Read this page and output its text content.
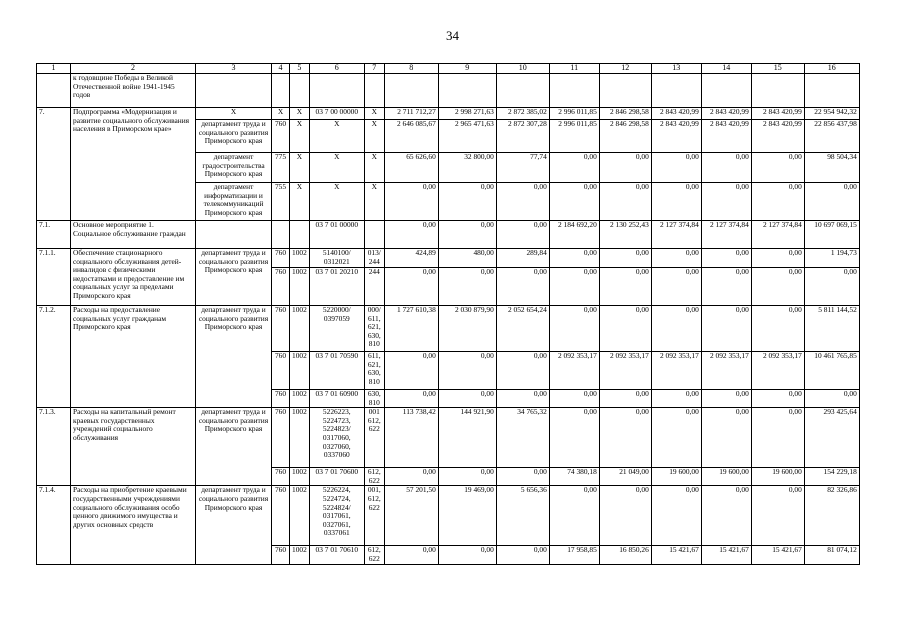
34
1	2	3	4	5	6	7	8	9	10	11	12	13	14	15	16
	к годовщине Победы в Великой Отечественной войне 1941-1945 годов														
7.	Подпрограмма «Модернизация и развитие социального обслуживания населения в Приморском крае»	X	X	X	03 7 00 00000	X	2 711 712,27	2 998 271,63	2 872 385,02	2 996 011,85	2 846 298,58	2 843 420,99	2 843 420,99	2 843 420,99	22 954 942,32
		департамент труда и социального развития Приморского края	760	X	X	X	2 646 085,67	2 965 471,63	2 872 307,28	2 996 011,85	2 846 298,58	2 843 420,99	2 843 420,99	2 843 420,99	22 856 437,98
		департамент градостроительства Приморского края	775	X	X	X	65 626,60	32 800,00	77,74	0,00	0,00	0,00	0,00	0,00	98 504,34
		департамент информатизации и телекоммуникаций Приморского края	755	X	X	X	0,00	0,00	0,00	0,00	0,00	0,00	0,00	0,00	0,00
7.1.	Основное мероприятие 1. Социальное обслуживание граждан				03 7 01 00000		0,00	0,00	0,00	2 184 692,20	2 130 252,43	2 127 374,84	2 127 374,84	2 127 374,84	10 697 069,15
7.1.1.	Обеспечение стационарного социального обслуживания детей-инвалидов с физическими недостатками и предоставление им социальных услуг за пределами Приморского края	департамент труда и социального развития Приморского края	760	1002	5140100/ 0312021	013/ 244	424,89	480,00	289,84	0,00	0,00	0,00	0,00	0,00	1 194,73
			760	1002	03 7 01 20210	244	0,00	0,00	0,00	0,00	0,00	0,00	0,00	0,00	0,00
7.1.2.	Расходы на предоставление социальных услуг гражданам Приморского края	департамент труда и социального развития Приморского края	760	1002	5220000/ 0397059	000/ 611, 621, 630, 810	1 727 610,38	2 030 879,90	2 052 654,24	0,00	0,00	0,00	0,00	0,00	5 811 144,52
			760	1002	03 7 01 70590	611, 621, 630, 810	0,00	0,00	0,00	2 092 353,17	2 092 353,17	2 092 353,17	2 092 353,17	2 092 353,17	10 461 765,85
			760	1002	03 7 01 60900	630, 810	0,00	0,00	0,00	0,00	0,00	0,00	0,00	0,00	0,00
7.1.3.	Расходы на капитальный ремонт краевых государственных учреждений социального обслуживания	департамент труда и социального развития Приморского края	760	1002	5226223, 5224723, 5224823/ 0317060, 0327060, 0337060	001 612, 622	113 738,42	144 921,90	34 765,32	0,00	0,00	0,00	0,00	0,00	293 425,64
			760	1002	03 7 01 70600	612, 622	0,00	0,00	0,00	74 380,18	21 049,00	19 600,00	19 600,00	19 600,00	154 229,18
7.1.4.	Расходы на приобретение краевыми государственными учреждениями социального обслуживания особо ценного движимого имущества и других основных средств	департамент труда и социального развития Приморского края	760	1002	5226224, 5224724, 5224824/ 0317061, 0327061, 0337061	001, 612, 622	57 201,50	19 469,00	5 656,36	0,00	0,00	0,00	0,00	0,00	82 326,86
			760	1002	03 7 01 70610	612, 622	0,00	0,00	0,00	17 958,85	16 850,26	15 421,67	15 421,67	15 421,67	81 074,12
